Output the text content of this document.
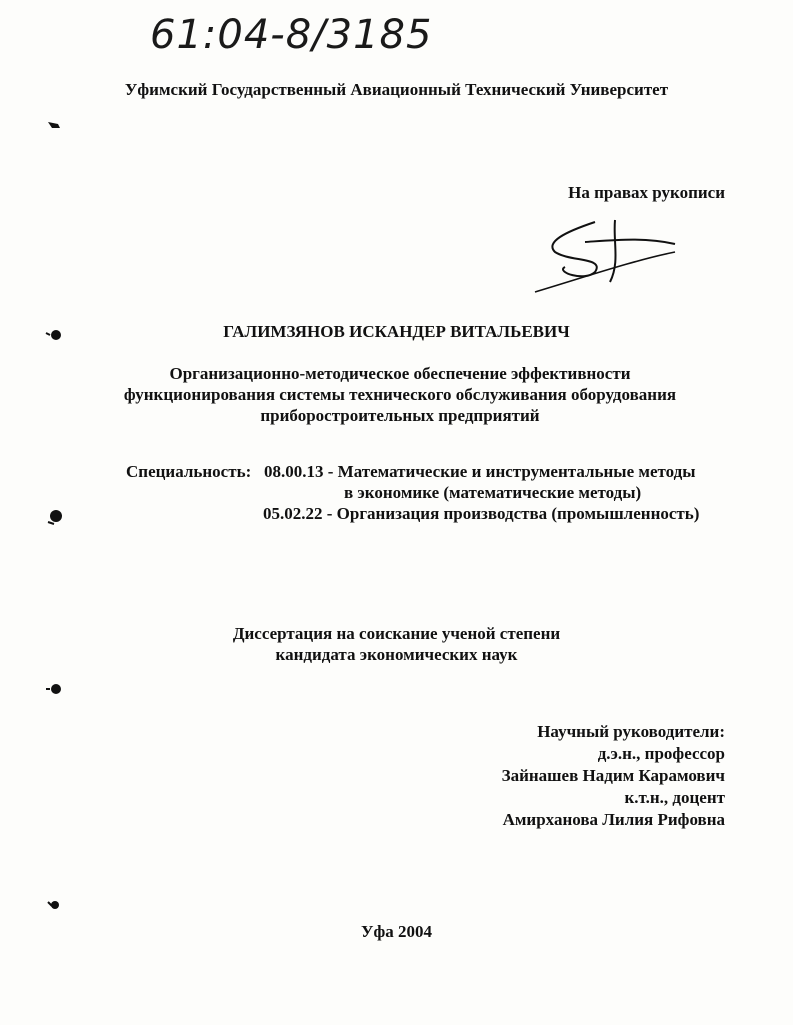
61:04-8/3185
Уфимский Государственный Авиационный Технический Университет
На правах рукописи
ГАЛИМЗЯНОВ ИСКАНДЕР ВИТАЛЬЕВИЧ
Организационно-методическое обеспечение эффективности
функционирования системы технического обслуживания оборудования
приборостроительных предприятий
Специальность: 08.00.13 - Математические и инструментальные методы
в экономике (математические методы)
05.02.22 - Организация производства (промышленность)
Диссертация на соискание ученой степени
кандидата экономических наук
Научный руководители:
д.э.н., профессор
Зайнашев Надим Карамович
к.т.н., доцент
Амирханова Лилия Рифовна
Уфа 2004
